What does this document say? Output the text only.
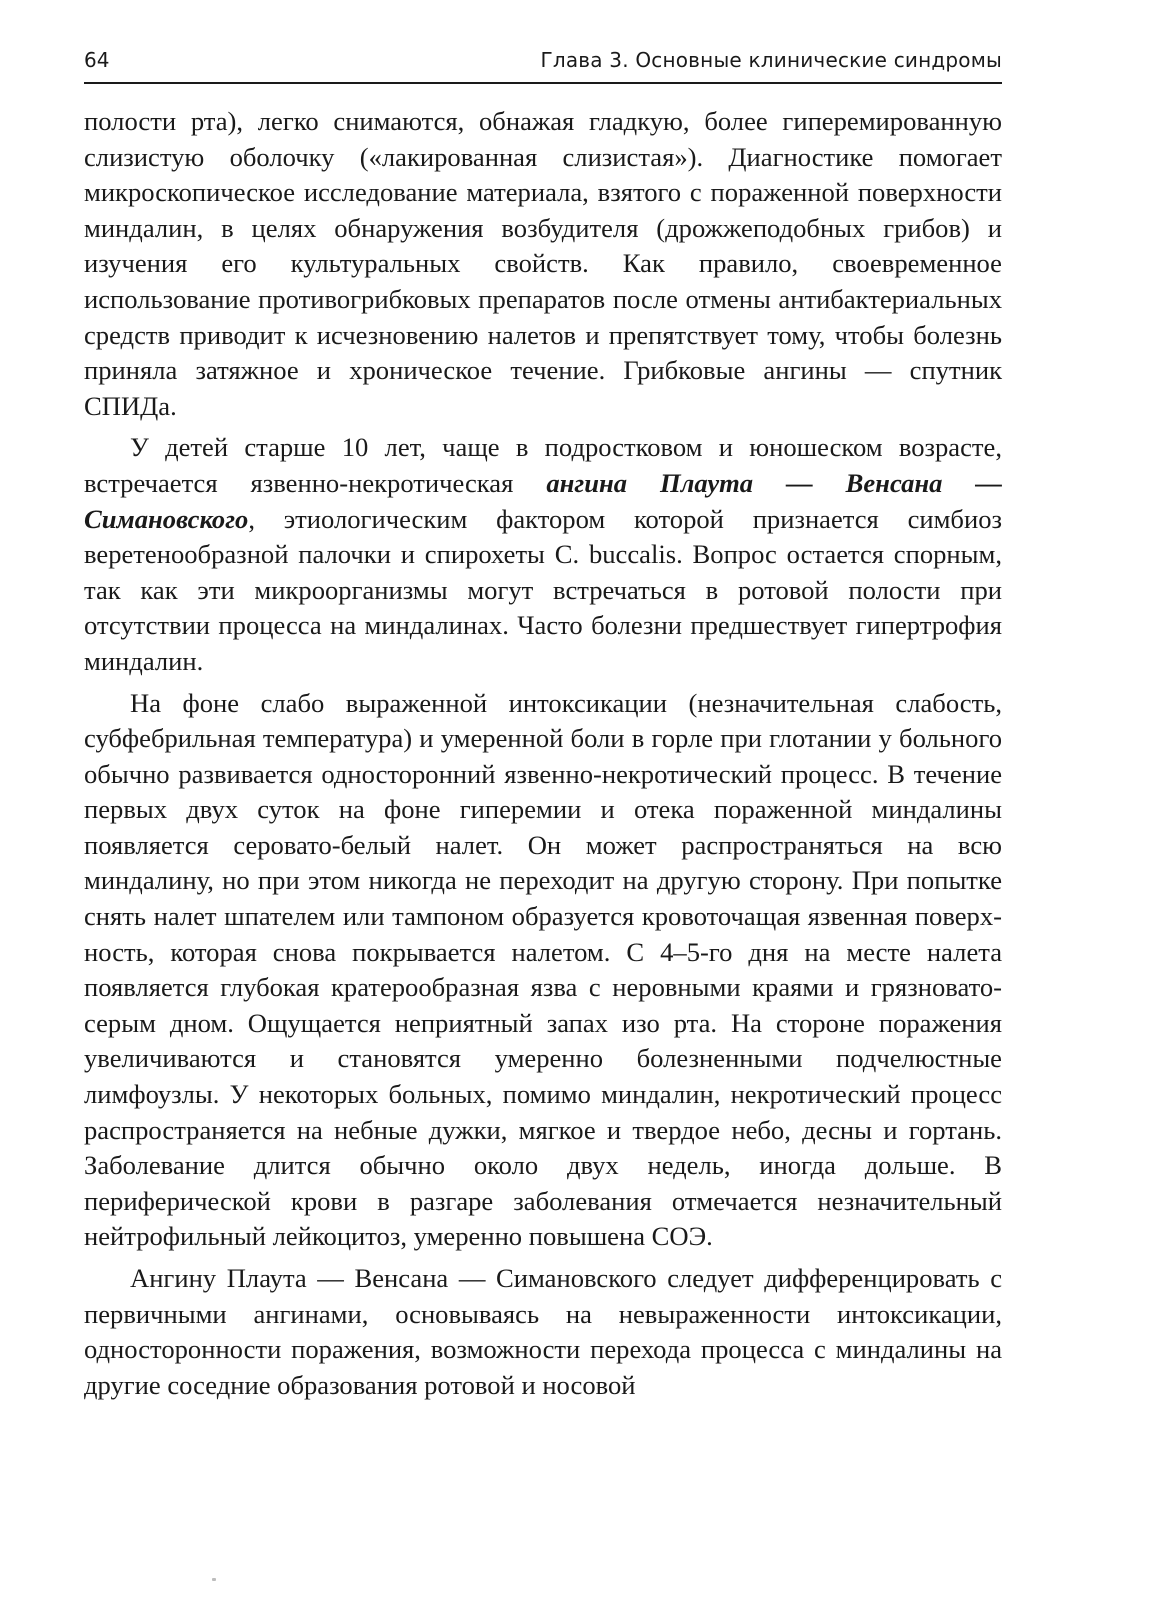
64	Глава 3. Основные клинические синдромы

полости рта), легко снимаются, обнажая гладкую, более гиперемированную слизистую оболочку («лакированная слизистая»). Диагностике помогает микроскопическое исследование материала, взятого с пораженной поверхности миндалин, в целях обнаружения возбудителя (дрожжеподобных грибов) и изучения его культуральных свойств. Как правило, своевременное использование противогрибковых препаратов после отмены антибактериальных средств приводит к исчезновению налетов и препятствует тому, чтобы болезнь приняла затяжное и хроническое течение. Грибковые ангины — спутник СПИДа.

У детей старше 10 лет, чаще в подростковом и юношеском возрасте, встречается язвенно-некротическая ангина Плаута — Венсана — Симановского, этиологическим фактором которой признается симбиоз веретенообразной палочки и спирохеты C. buccalis. Вопрос остается спорным, так как эти микроорганизмы могут встречаться в ротовой полости при отсутствии процесса на миндалинах. Часто болезни предшествует гипертрофия миндалин.

На фоне слабо выраженной интоксикации (незначительная слабость, субфебрильная температура) и умеренной боли в горле при глотании у больного обычно развивается односторонний язвенно-некротический процесс. В течение первых двух суток на фоне гиперемии и отека пораженной миндалины появляется серовато-белый налет. Он может распространяться на всю миндалину, но при этом никогда не переходит на другую сторону. При попытке снять налет шпателем или тампоном образуется кровоточащая язвенная поверхность, которая снова покрывается налетом. С 4–5-го дня на месте налета появляется глубокая кратерообразная язва с неровными краями и грязновато-серым дном. Ощущается неприятный запах изо рта. На стороне поражения увеличиваются и становятся умеренно болезненными подчелюстные лимфоузлы. У некоторых больных, помимо миндалин, некротический процесс распространяется на небные дужки, мягкое и твердое небо, десны и гортань. Заболевание длится обычно около двух недель, иногда дольше. В периферической крови в разгаре заболевания отмечается незначительный нейтрофильный лейкоцитоз, умеренно повышена СОЭ.

Ангину Плаута — Венсана — Симановского следует дифференцировать с первичными ангинами, основываясь на невыраженности интоксикации, односторонности поражения, возможности перехода процесса с миндалины на другие соседние образования ротовой и носовой
